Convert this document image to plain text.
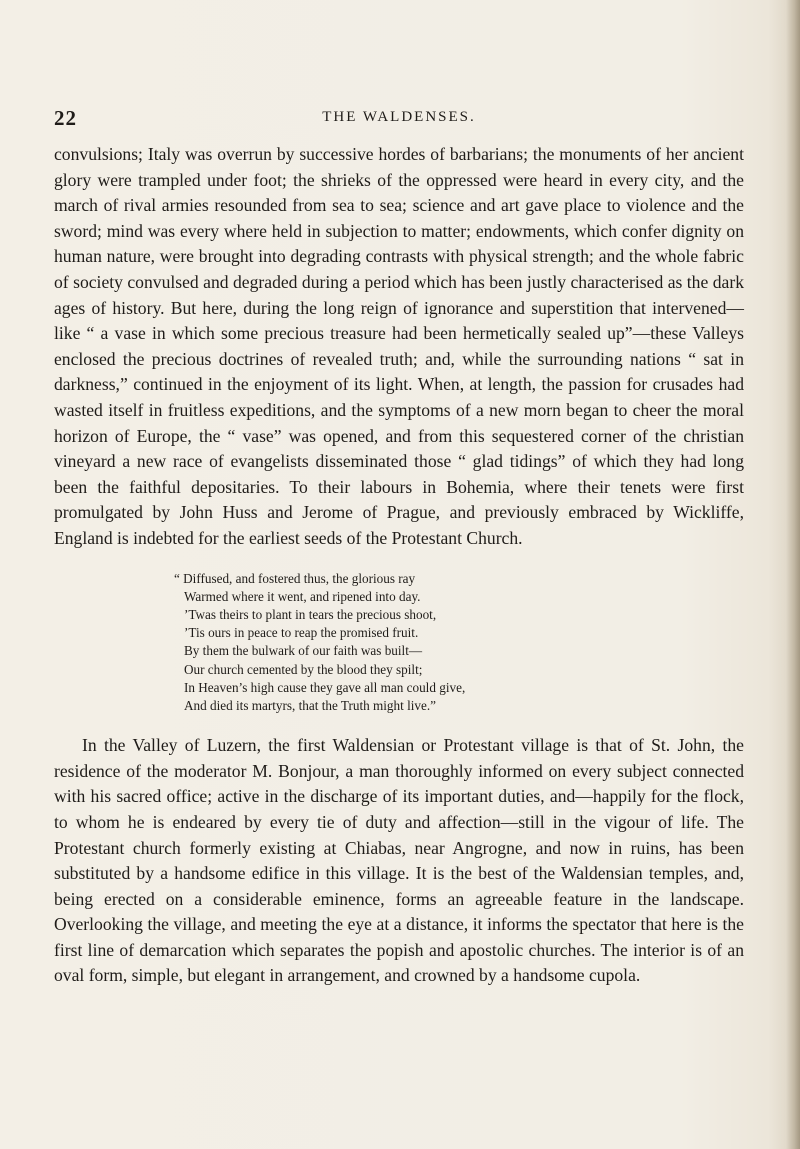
22	THE WALDENSES.

convulsions; Italy was overrun by successive hordes of barbarians; the monuments of her ancient glory were trampled under foot; the shrieks of the oppressed were heard in every city, and the march of rival armies resounded from sea to sea; science and art gave place to violence and the sword; mind was every where held in subjection to matter; endowments, which confer dignity on human nature, were brought into degrading contrasts with physical strength; and the whole fabric of society convulsed and degraded during a period which has been justly characterised as the dark ages of history. But here, during the long reign of ignorance and superstition that intervened—like “ a vase in which some precious treasure had been hermetically sealed up”—these Valleys enclosed the precious doctrines of revealed truth; and, while the surrounding nations “ sat in darkness,” continued in the enjoyment of its light. When, at length, the passion for crusades had wasted itself in fruitless expeditions, and the symptoms of a new morn began to cheer the moral horizon of Europe, the “ vase” was opened, and from this sequestered corner of the christian vineyard a new race of evangelists disseminated those “ glad tidings” of which they had long been the faithful depositaries. To their labours in Bohemia, where their tenets were first promulgated by John Huss and Jerome of Prague, and previously embraced by Wickliffe, England is indebted for the earliest seeds of the Protestant Church.

“ Diffused, and fostered thus, the glorious ray
Warmed where it went, and ripened into day.
’Twas theirs to plant in tears the precious shoot,
’Tis ours in peace to reap the promised fruit.
By them the bulwark of our faith was built—
Our church cemented by the blood they spilt;
In Heaven’s high cause they gave all man could give,
And died its martyrs, that the Truth might live.”

In the Valley of Luzern, the first Waldensian or Protestant village is that of St. John, the residence of the moderator M. Bonjour, a man thoroughly informed on every subject connected with his sacred office; active in the discharge of its important duties, and—happily for the flock, to whom he is endeared by every tie of duty and affection—still in the vigour of life. The Protestant church formerly existing at Chiabas, near Angrogne, and now in ruins, has been substituted by a handsome edifice in this village. It is the best of the Waldensian temples, and, being erected on a considerable eminence, forms an agreeable feature in the landscape. Overlooking the village, and meeting the eye at a distance, it informs the spectator that here is the first line of demarcation which separates the popish and apostolic churches. The interior is of an oval form, simple, but elegant in arrangement, and crowned by a handsome cupola.
